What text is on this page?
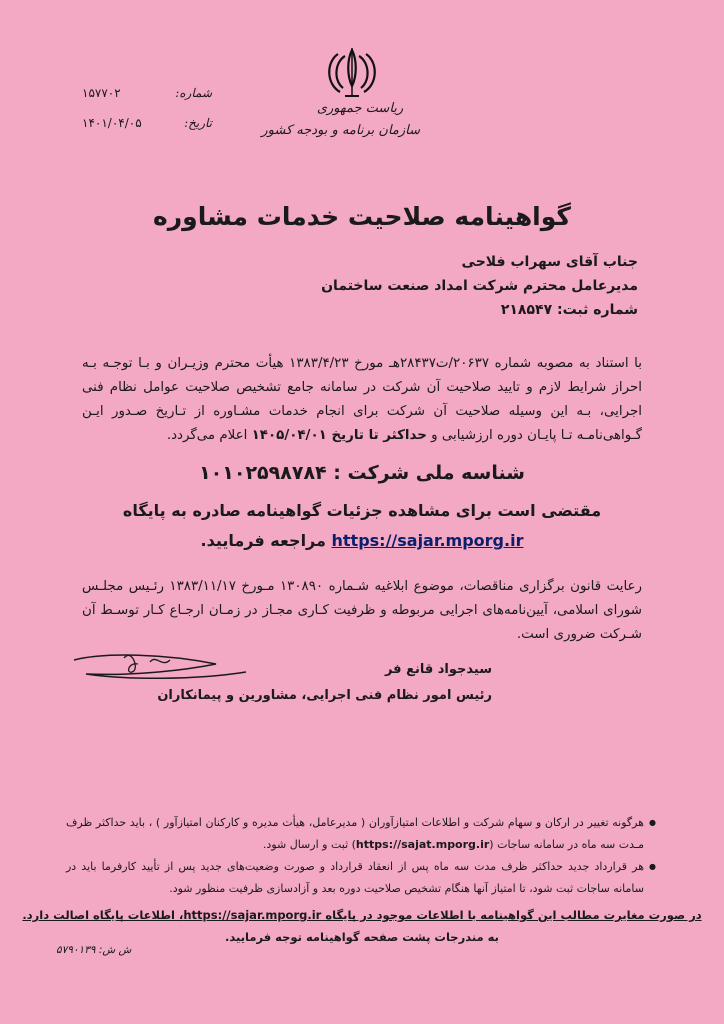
ریاست جمهوری
سازمان برنامه و بودجه کشور
شماره:
۱۵۷۷۰۲
تاریخ:
۱۴۰۱/۰۴/۰۵
گواهینامه صلاحیت خدمات مشاوره
جناب آقای سهراب فلاحی
مدیرعامل محترم شرکت امداد صنعت ساختمان
شماره ثبت: ۲۱۸۵۴۷

با استناد به مصوبه شماره ۲۰۶۳۷/ت۲۸۴۳۷هـ مورخ ۱۳۸۳/۴/۲۳ هیأت محترم وزیـران و بـا توجـه بـه احراز شرایط لازم و تایید صلاحیت آن شرکت در سامانه جامع تشخیص صلاحیت عوامل نظام فنی اجرایی، بـه این وسیله صلاحیت آن شرکت برای انجام خدمات مشـاوره از تـاریخ صـدور ایـن گـواهی‌نامـه تـا پایـان دوره ارزشیابی و حداکثر تا تاریخ ۱۴۰۵/۰۴/۰۱ اعلام می‌گردد.

شناسه ملی شرکت : ۱۰۱۰۲۵۹۸۷۸۴
مقتضی است برای مشاهده جزئیات گواهینامه صادره به پایگاه
https://sajar.mporg.ir مراجعه فرمایید.

رعایت قانون برگزاری مناقصات، موضوع ابلاغیه شـماره ۱۳۰۸۹۰ مـورخ ۱۳۸۳/۱۱/۱۷ رئـیس مجلـس شورای اسلامی، آیین‌نامه‌های اجرایی مربوطه و ظرفیت کـاری مجـاز در زمـان ارجـاع کـار توسـط آن شـرکت ضروری است.

سیدجواد قانع فر
رئیس امور نظام فنی اجرایی، مشاورین و پیمانکاران
● هرگونه تغییر در ارکان و سهام شرکت و اطلاعات امتیازآوران ( مدیرعامل، هیأت مدیره و کارکنان امتیازآور ) ، باید حداکثر ظرف مـدت سه ماه در سامانه ساجات (https://sajat.mporg.ir) ثبت و ارسال شود.
● هر قرارداد جدید حداکثر ظرف مدت سه ماه پس از انعقاد قرارداد و صورت وضعیت‌های جدید پس از تأیید کارفرما باید در سامانه ساجات ثبت شود، تا امتیاز آنها هنگام تشخیص صلاحیت دوره بعد و آزادسازی ظرفیت منظور شود.
در صورت مغایرت مطالب این گواهینامه با اطلاعات موجود در پایگاه https://sajar.mporg.ir، اطلاعات پایگاه اصالت دارد.
به مندرجات پشت صفحه گواهینامه توجه فرمایید.
ش ش: ۵۷۹۰۱۳۹
